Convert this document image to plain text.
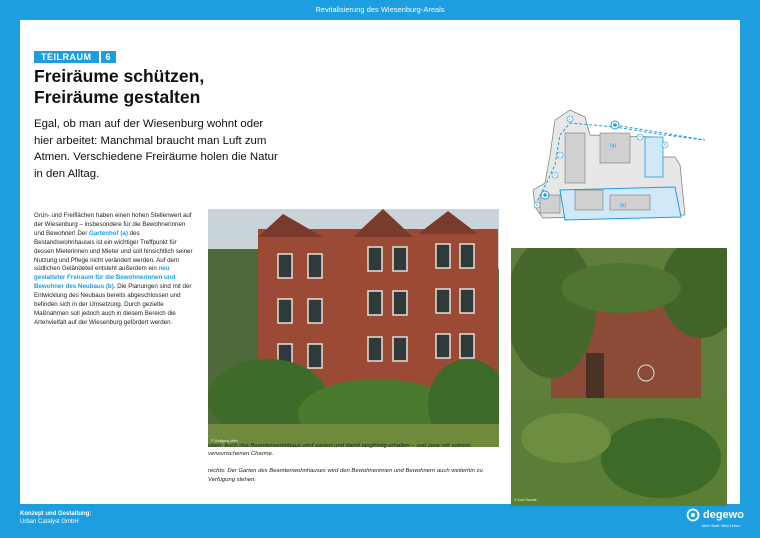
Revitalisierung des Wiesenburg-Areals
TEILRAUM	6
Freiräume schützen,
Freiräume gestalten
Egal, ob man auf der Wiesenburg wohnt oder hier arbeitet: Manchmal braucht man Luft zum Atmen. Verschiedene Freiräume holen die Natur in den Alltag.
Grün- und Freiflächen haben einen hohen Stellenwert auf der Wiesenburg – insbesondere für die Bewohnerinnen und Bewohner! Der Gartenhof (a) des Bestandswohnhauses ist ein wichtiger Treffpunkt für dessen Mieterinnen und Mieter und soll hinsichtlich seiner Nutzung und Pflege nicht verändert werden. Auf dem südlichen Geländeteil entsteht außerdem ein neu gestalteter Freiraum für die Bewohnerinnen und Bewohner des Neubaus (b). Die Planungen sind mit der Entwicklung des Neubaus bereits abgeschlossen und befinden sich in der Umsetzung. Durch gezielte Maßnahmen soll jedoch auch in diesem Bereich die Artenvielfalt auf der Wiesenburg gefördert werden.
(a)
(b)
1
2
3
4
5
6
© Wolfgang Mahr
© Ana Claudia

oben: Auch das Beamtenwohnhaus wird saniert und damit langfristig erhalten – und zwar mit seinem verwunschenen Charme.

rechts: Der Garten des Beamtenwohnhauses wird den Bewohnerinnen und Bewohnern auch weiterhin zu Verfügung stehen.

Konzept und Gestaltung:
Urban Catalyst GmbH
degewo
Mehr Stadt. Mehr Leben.
